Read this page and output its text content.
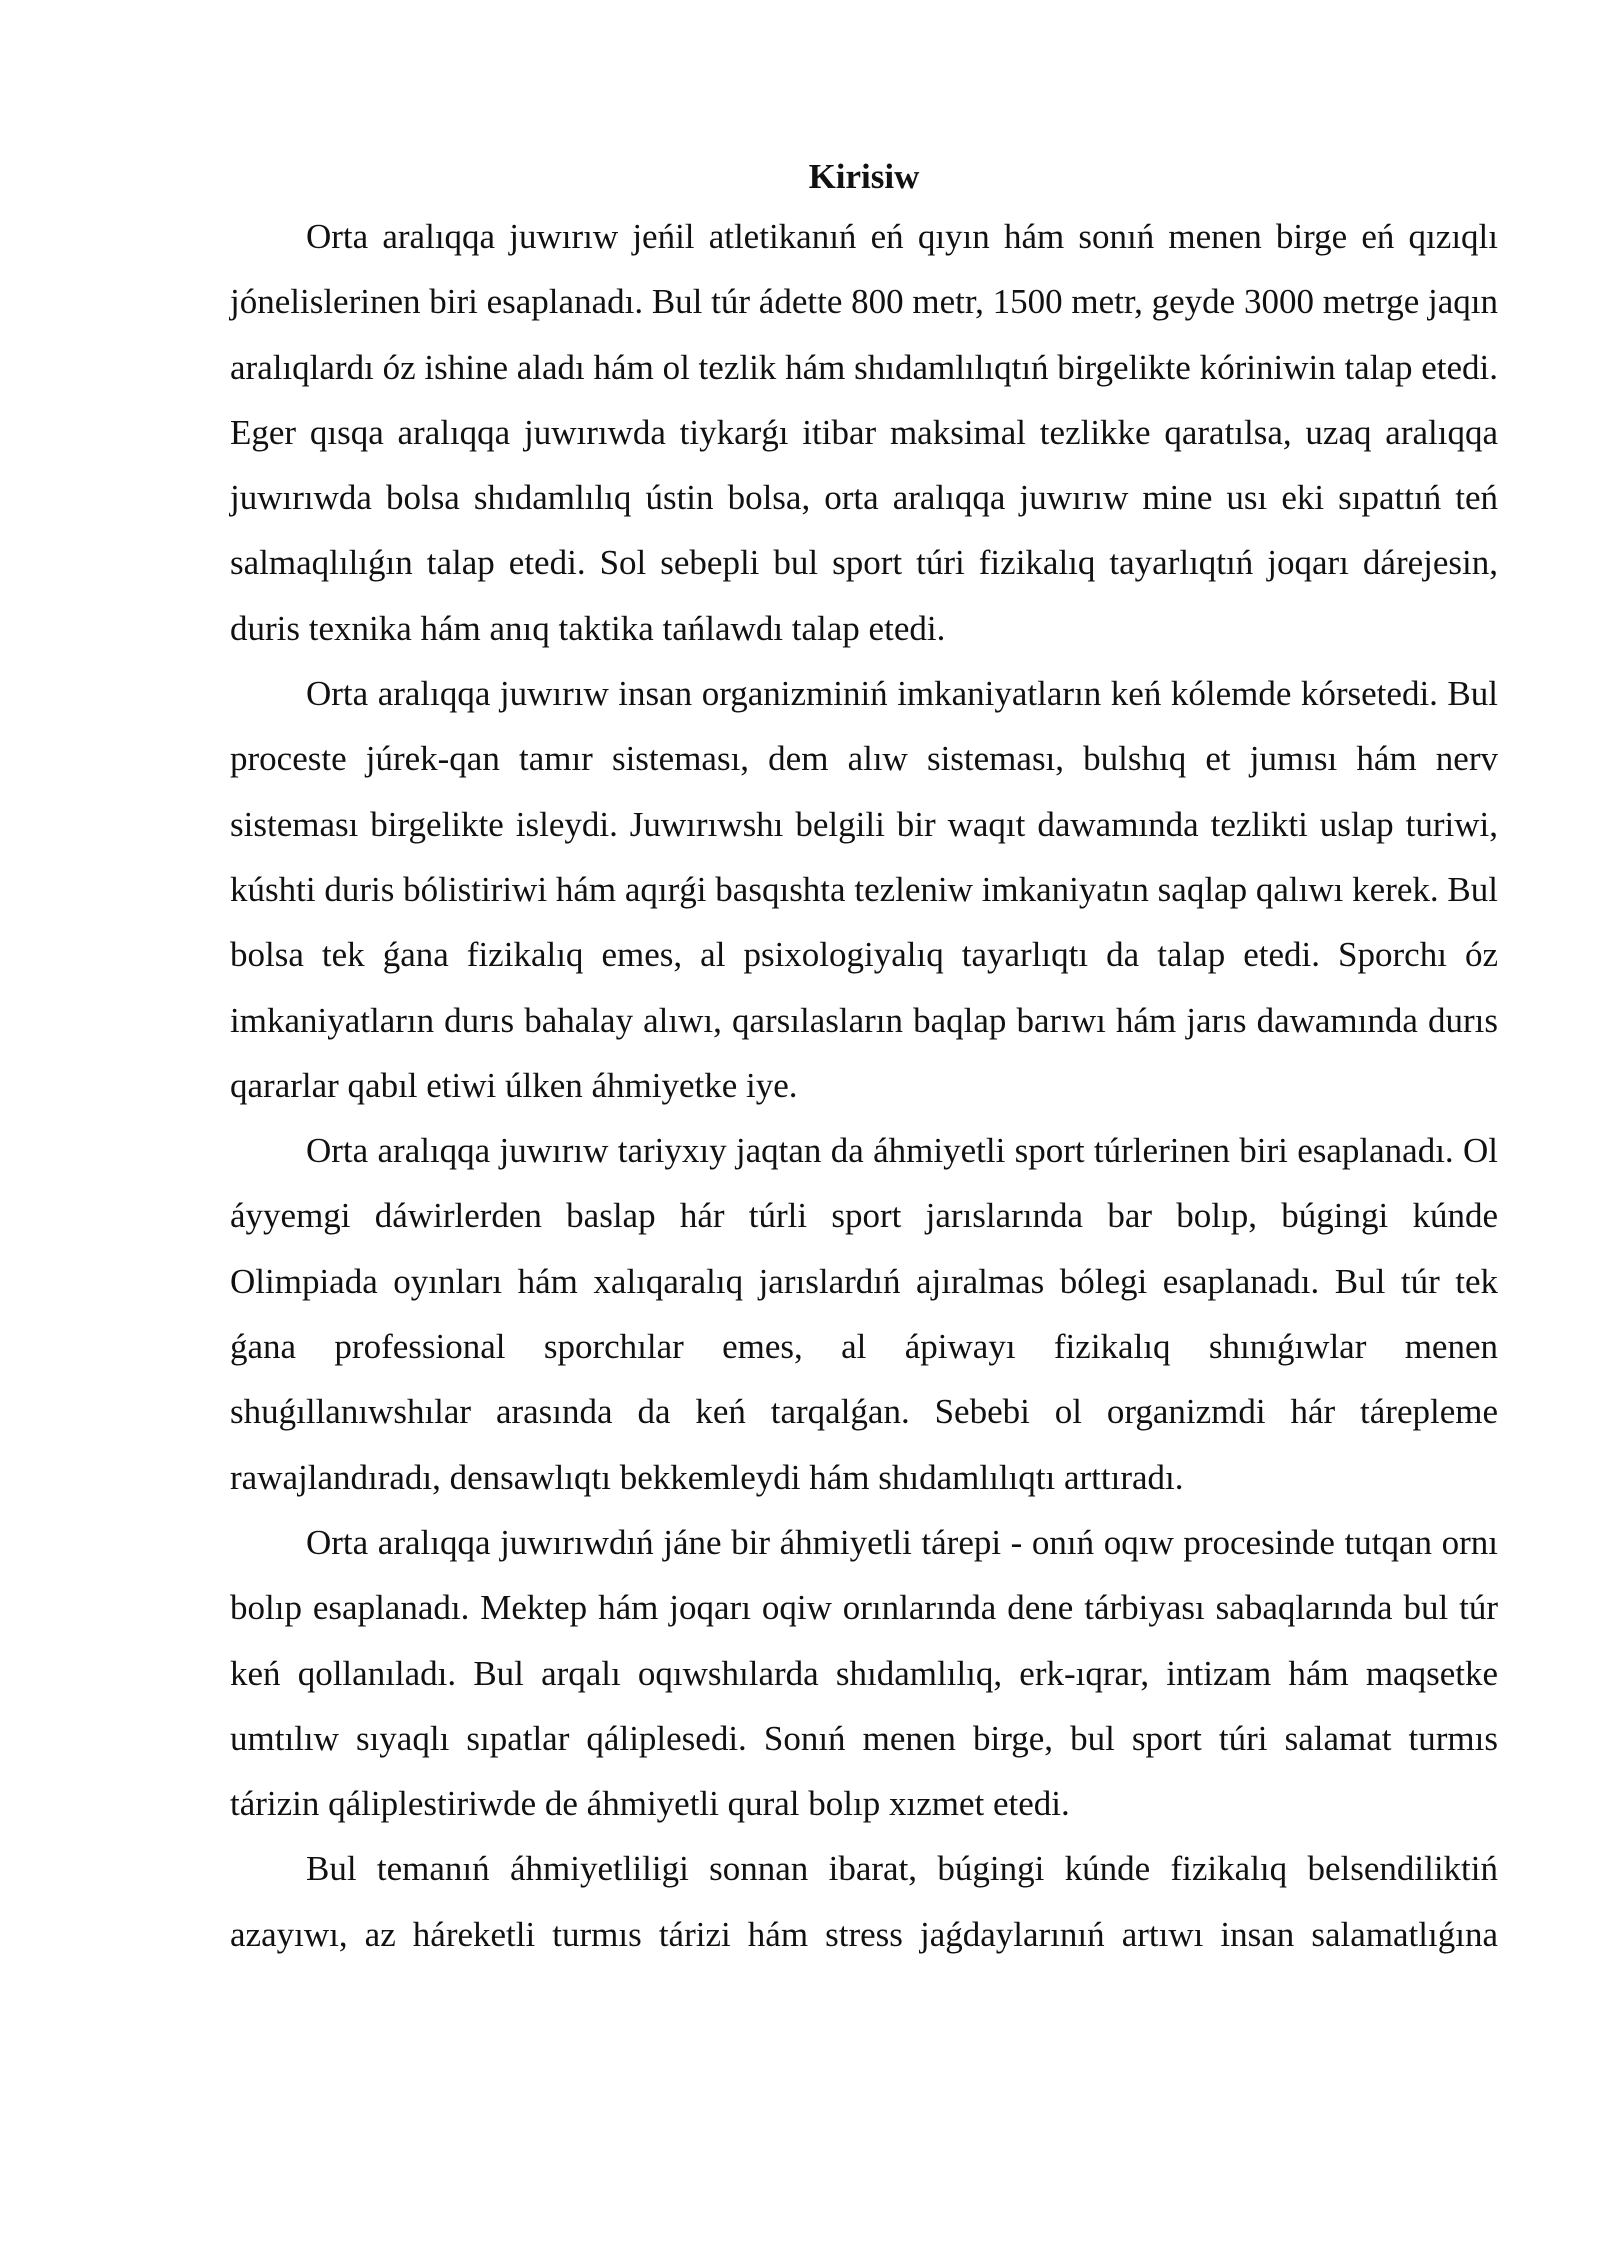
Kirisiw

Orta aralıqqa juwırıw jeńil atletikanıń eń qıyın hám sonıń menen birge eń qızıqlı jónelislerinen biri esaplanadı. Bul túr ádette 800 metr, 1500 metr, geyde 3000 metrge jaqın aralıqlardı óz ishine aladı hám ol tezlik hám shıdamlılıqtıń birgelikte kóriniwin talap etedi. Eger qısqa aralıqqa juwırıwda tiykarǵı itibar maksimal tezlikke qaratılsa, uzaq aralıqqa juwırıwda bolsa shıdamlılıq ústin bolsa, orta aralıqqa juwırıw mine usı eki sıpattıń teń salmaqlılıǵın talap etedi. Sol sebepli bul sport túri fizikalıq tayarlıqtıń joqarı dárejesin, duris texnika hám anıq taktika tańlawdı talap etedi.

Orta aralıqqa juwırıw insan organizminiń imkaniyatların keń kólemde kórsetedi. Bul proceste júrek-qan tamır sisteması, dem alıw sisteması, bulshıq et jumısı hám nerv sisteması birgelikte isleydi. Juwırıwshı belgili bir waqıt dawamında tezlikti uslap turiwi, kúshti duris bólistiriwi hám aqırǵi basqıshta tezleniw imkaniyatın saqlap qalıwı kerek. Bul bolsa tek ǵana fizikalıq emes, al psixologiyalıq tayarlıqtı da talap etedi. Sporchı óz imkaniyatların durıs bahalay alıwı, qarsılasların baqlap barıwı hám jarıs dawamında durıs qararlar qabıl etiwi úlken áhmiyetke iye.

Orta aralıqqa juwırıw tariyxıy jaqtan da áhmiyetli sport túrlerinen biri esaplanadı. Ol áyyemgi dáwirlerden baslap hár túrli sport jarıslarında bar bolıp, búgingi kúnde Olimpiada oyınları hám xalıqaralıq jarıslardıń ajıralmas bólegi esaplanadı. Bul túr tek ǵana professional sporchılar emes, al ápiwayı fizikalıq shınıǵıwlar menen shuǵıllanıwshılar arasında da keń tarqalǵan. Sebebi ol organizmdi hár tárepleme rawajlandıradı, densawlıqtı bekkemleydi hám shıdamlılıqtı arttıradı.

Orta aralıqqa juwırıwdıń jáne bir áhmiyetli tárepi - onıń oqıw procesinde tutqan ornı bolıp esaplanadı. Mektep hám joqarı oqiw orınlarında dene tárbiyası sabaqlarında bul túr keń qollanıladı. Bul arqalı oqıwshılarda shıdamlılıq, erk-ıqrar, intizam hám maqsetke umtılıw sıyaqlı sıpatlar qáliplesedi. Sonıń menen birge, bul sport túri salamat turmıs tárizin qáliplestiriwde de áhmiyetli qural bolıp xızmet etedi.

Bul temanıń áhmiyetliligi sonnan ibarat, búgingi kúnde fizikalıq belsendiliktiń azayıwı, az háreketli turmıs tárizi hám stress jaǵdaylarınıń artıwı insan salamatlıǵına
